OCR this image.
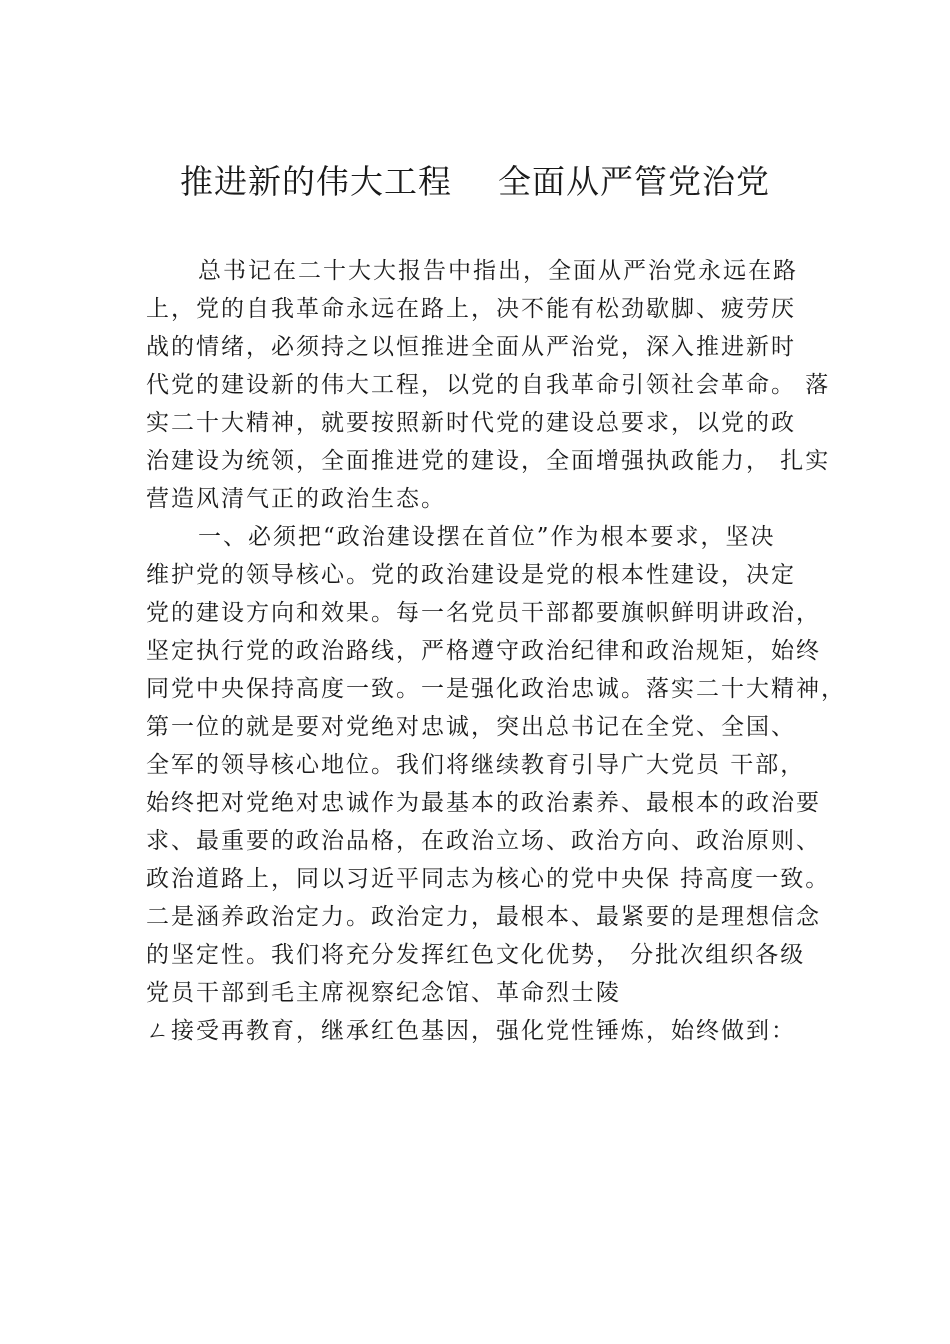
推进新的伟大工程    全面从严管党治党
总书记在二十大大报告中指出，全面从严治党永远在路
上，党的自我革命永远在路上，决不能有松劲歇脚、疲劳厌
战的情绪，必须持之以恒推进全面从严治党，深入推进新时
代党的建设新的伟大工程，以党的自我革命引领社会革命。 落
实二十大精神，就要按照新时代党的建设总要求，以党的政
治建设为统领，全面推进党的建设，全面增强执政能力， 扎实
营造风清气正的政治生态。
一、必须把“政治建设摆在首位”作为根本要求，坚决
维护党的领导核心。党的政治建设是党的根本性建设，决定
党的建设方向和效果。每一名党员干部都要旗帜鲜明讲政治，
坚定执行党的政治路线，严格遵守政治纪律和政治规矩，始终
同党中央保持高度一致。一是强化政治忠诚。落实二十大精神，
第一位的就是要对党绝对忠诚，突出总书记在全党、全国、
全军的领导核心地位。我们将继续教育引导广大党员 干部，
始终把对党绝对忠诚作为最基本的政治素养、最根本的政治要
求、最重要的政治品格，在政治立场、政治方向、政治原则、
政治道路上，同以习近平同志为核心的党中央保 持高度一致。
二是涵养政治定力。政治定力，最根本、最紧要的是理想信念
的坚定性。我们将充分发挥红色文化优势， 分批次组织各级
党员干部到毛主席视察纪念馆、革命烈士陵
ㄥ接受再教育，继承红色基因，强化党性锤炼，始终做到：
